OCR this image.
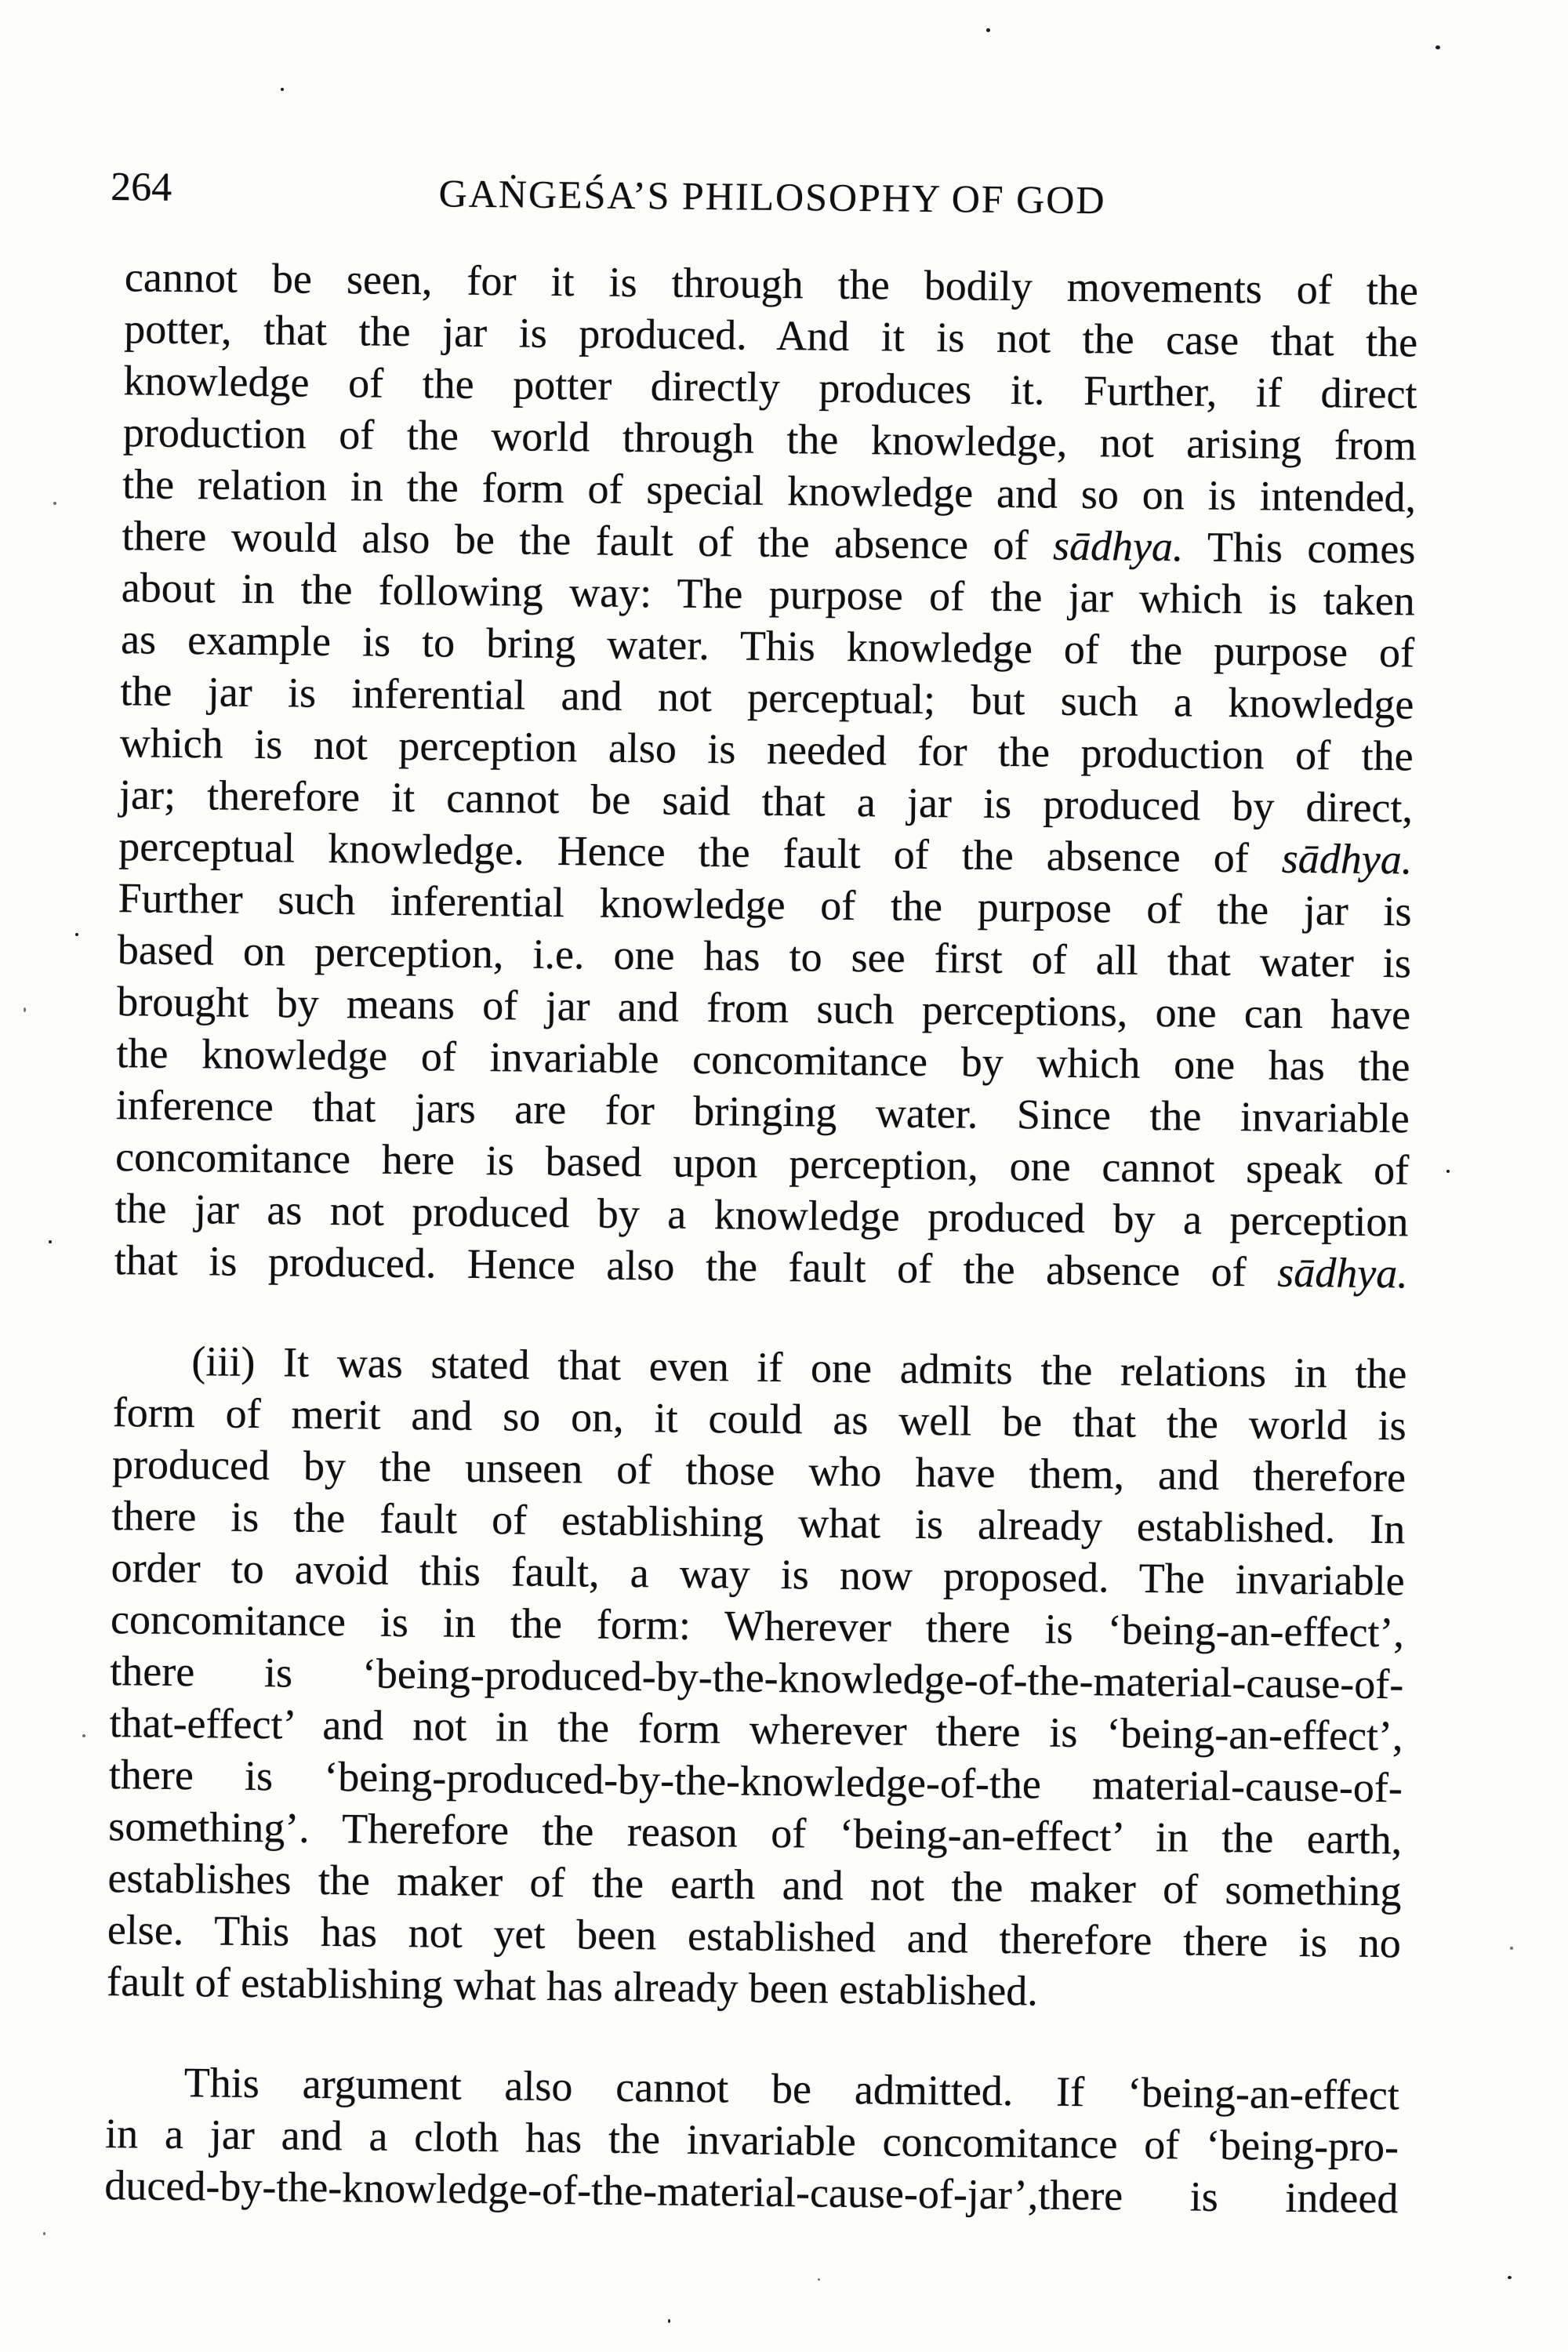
264	GAṄGEŚA’S PHILOSOPHY OF GOD
cannot be seen, for it is through the bodily movements of the
potter, that the jar is produced. And it is not the case that the
knowledge of the potter directly produces it. Further, if direct
production of the world through the knowledge, not arising from
the relation in the form of special knowledge and so on is intended,
there would also be the fault of the absence of sādhya. This comes
about in the following way: The purpose of the jar which is taken
as example is to bring water. This knowledge of the purpose of
the jar is inferential and not perceptual; but such a knowledge
which is not perception also is needed for the production of the
jar; therefore it cannot be said that a jar is produced by direct,
perceptual knowledge. Hence the fault of the absence of sādhya.
Further such inferential knowledge of the purpose of the jar is
based on perception, i.e. one has to see first of all that water is
brought by means of jar and from such perceptions, one can have
the knowledge of invariable concomitance by which one has the
inference that jars are for bringing water. Since the invariable
concomitance here is based upon perception, one cannot speak of
the jar as not produced by a knowledge produced by a perception
that is produced. Hence also the fault of the absence of sādhya.
(iii) It was stated that even if one admits the relations in the
form of merit and so on, it could as well be that the world is
produced by the unseen of those who have them, and therefore
there is the fault of establishing what is already established. In
order to avoid this fault, a way is now proposed. The invariable
concomitance is in the form: Wherever there is ‘being-an-effect’,
there is ‘being-produced-by-the-knowledge-of-the-material-cause-of-
that-effect’ and not in the form wherever there is ‘being-an-effect’,
there is ‘being-produced-by-the-knowledge-of-the material-cause-of-
something’. Therefore the reason of ‘being-an-effect’ in the earth,
establishes the maker of the earth and not the maker of something
else. This has not yet been established and therefore there is no
fault of establishing what has already been established.
This argument also cannot be admitted. If ‘being-an-effect
in a jar and a cloth has the invariable concomitance of ‘being-pro-
duced-by-the-knowledge-of-the-material-cause-of-jar’,there is indeed
